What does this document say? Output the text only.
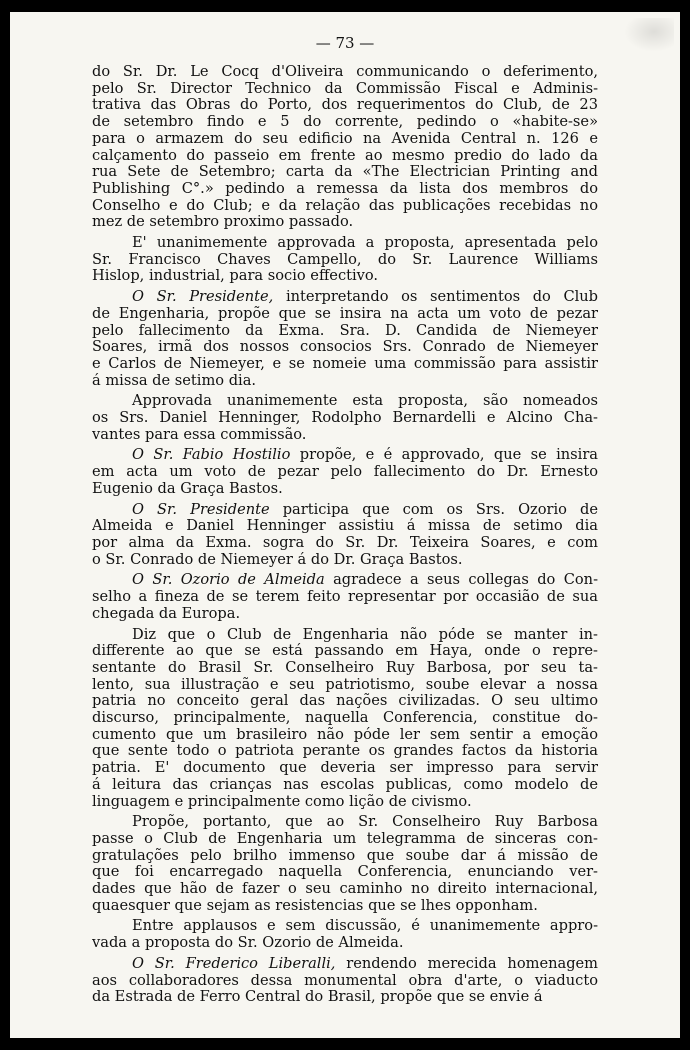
— 73 —
do Sr. Dr. Le Cocq d'Oliveira communicando o deferimento,
pelo Sr. Director Technico da Commissão Fiscal e Adminis-
trativa das Obras do Porto, dos requerimentos do Club, de 23
de setembro findo e 5 do corrente, pedindo o «habite-se»
para o armazem do seu edificio na Avenida Central n. 126 e
calçamento do passeio em frente ao mesmo predio do lado da
rua Sete de Setembro; carta da «The Electrician Printing and
Publishing C°.» pedindo a remessa da lista dos membros do
Conselho e do Club; e da relação das publicações recebidas no
mez de setembro proximo passado.
E' unanimemente approvada a proposta, apresentada pelo
Sr. Francisco Chaves Campello, do Sr. Laurence Williams
Hislop, industrial, para socio effectivo.
O Sr. Presidente, interpretando os sentimentos do Club
de Engenharia, propõe que se insira na acta um voto de pezar
pelo fallecimento da Exma. Sra. D. Candida de Niemeyer
Soares, irmã dos nossos consocios Srs. Conrado de Niemeyer
e Carlos de Niemeyer, e se nomeie uma commissão para assistir
á missa de setimo dia.
Approvada unanimemente esta proposta, são nomeados
os Srs. Daniel Henninger, Rodolpho Bernardelli e Alcino Cha-
vantes para essa commissão.
O Sr. Fabio Hostilio propõe, e é approvado, que se insira
em acta um voto de pezar pelo fallecimento do Dr. Ernesto
Eugenio da Graça Bastos.
O Sr. Presidente participa que com os Srs. Ozorio de
Almeida e Daniel Henninger assistiu á missa de setimo dia
por alma da Exma. sogra do Sr. Dr. Teixeira Soares, e com
o Sr. Conrado de Niemeyer á do Dr. Graça Bastos.
O Sr. Ozorio de Almeida agradece a seus collegas do Con-
selho a fineza de se terem feito representar por occasião de sua
chegada da Europa.
Diz que o Club de Engenharia não póde se manter in-
differente ao que se está passando em Haya, onde o repre-
sentante do Brasil Sr. Conselheiro Ruy Barbosa, por seu ta-
lento, sua illustração e seu patriotismo, soube elevar a nossa
patria no conceito geral das nações civilizadas. O seu ultimo
discurso, principalmente, naquella Conferencia, constitue do-
cumento que um brasileiro não póde ler sem sentir a emoção
que sente todo o patriota perante os grandes factos da historia
patria. E' documento que deveria ser impresso para servir
á leitura das crianças nas escolas publicas, como modelo de
linguagem e principalmente como lição de civismo.
Propõe, portanto, que ao Sr. Conselheiro Ruy Barbosa
passe o Club de Engenharia um telegramma de sinceras con-
gratulações pelo brilho immenso que soube dar á missão de
que foi encarregado naquella Conferencia, enunciando ver-
dades que hão de fazer o seu caminho no direito internacional,
quaesquer que sejam as resistencias que se lhes opponham.
Entre applausos e sem discussão, é unanimemente appro-
vada a proposta do Sr. Ozorio de Almeida.
O Sr. Frederico Liberalli, rendendo merecida homenagem
aos collaboradores dessa monumental obra d'arte, o viaducto
da Estrada de Ferro Central do Brasil, propõe que se envie á
